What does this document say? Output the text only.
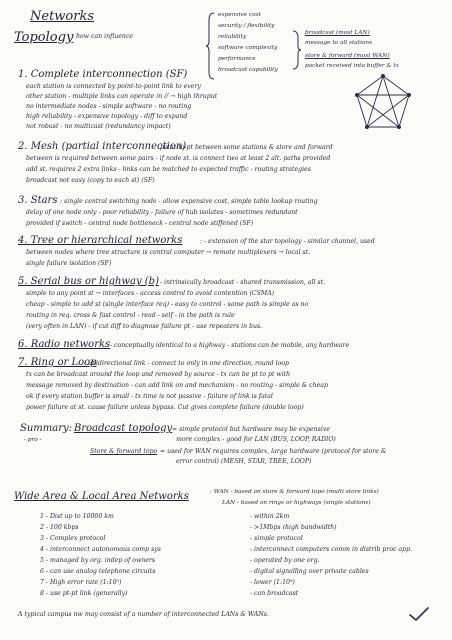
Networks
Topology
: how can influence
expensive cost
security / flexibility
reliability
software complexity
performance
broadcast capability
broadcast (most LAN)
message to all stations
store & forward (most WAN)
packet received into buffer & tx
1. Complete interconnection (SF)
each station is connected by point-to-point link to every
other station - multiple links can operate in // → high thruput
no intermediate nodes - simple software - no routing
high reliability - expensive topology - diff to expand
not robust - no multicast (redundancy impact)
2. Mesh (partial interconnection)
point-to-pt between some stations & store and forward
between is required between some pairs - if node st. is connect two at least 2 alt. paths provided
add st. requires 2 extra links - links can be matched to expected traffic - routing strategies
broadcast not easy (copy to each st) (SF)
3. Stars : single central switching node - allow expensive cost, simple table lookup routing
delay of one node only - poor reliability - failure of hub isolates - sometimes redundant
provided if switch - central node bottleneck - central node stiffened (SF)
4. Tree or hierarchical networks	: - extension of the star topology - similar channel, used
between nodes where tree structure is central computer → remote multiplexers → local st.
single failure isolation (SF)
5. Serial bus or highway (b) - intrinsically broadcast - shared transmission, all st.
simple to any point st → interfaces - access control to avoid contention (CSMA)
cheap - simple to add st (single interface req) - easy to control - same path is simple as no
routing in req. cross & fast control - read - self - in the path is rule
(very often in LAN) - if cut diff to diagnose failure pt - use repeaters in bus.
6. Radio networks - conceptually identical to a highway - stations can be mobile, any hardware
7. Ring or Loop
: unidirectional link - connect to only in one direction, round loop
tx can be broadcast around the loop and removed by source - tx can be pt to pt with
message removed by destination - can add link on and mechanism - no routing - simple & cheap
ok if every station buffer is small - tx time is not passive - failure of link is fatal
power failure at st. cause failure unless bypass. Cut gives complete failure (double loop)
Summary:
- pro -
Broadcast topology = simple protocol but hardware may be expensive
more complex - good for LAN (BUS, LOOP, RADIO)
Store & forward topo = used for WAN requires complex, large hardware (protocol for store &
error control) (MESH, STAR, TREE, LOOP)
Wide Area & Local Area Networks	: WAN - based on store & forward topo (multi store links)
LAN - based on rings or highways (single stations)
1 - Dist up to 10000 km
2 - 100 kbps
3 - Complex protocol
4 - interconnect autonomous comp sys
5 - managed by org. indep of owners
6 - can use analog telephone circuits
7 - High error rate (1:10⁵)
8 - use pt-pt link (generally)
- within 2km
- >1Mbps (high bandwidth)
- simple protocol
- interconnect computers comm in distrib proc app.
- operated by one org.
- digital signalling over private cables
- lower (1:10⁹)
- can broadcast
A typical campus nw may consist of a number of interconnected LANs & WANs.
